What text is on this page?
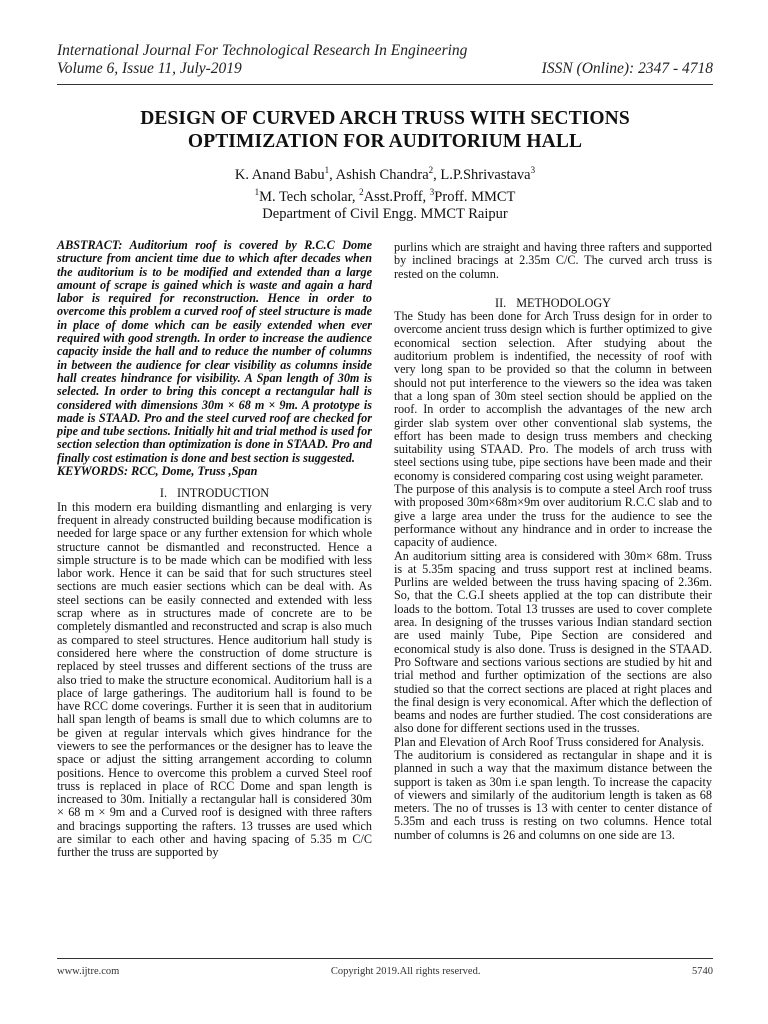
International Journal For Technological Research In Engineering
Volume 6, Issue 11, July-2019	ISSN (Online): 2347 - 4718
DESIGN OF CURVED ARCH TRUSS WITH SECTIONS
OPTIMIZATION FOR AUDITORIUM HALL
K. Anand Babu$^1$, Ashish Chandra$^2$, L.P.Shrivastava$^3$
$^1$M. Tech scholar, $^2$Asst.Proff, $^3$Proff. MMCT
Department of Civil Engg. MMCT Raipur

ABSTRACT: Auditorium roof is covered by R.C.C Dome structure from ancient time due to which after decades when the auditorium is to be modified and extended than a large amount of scrape is gained which is waste and again a hard labor is required for reconstruction. Hence in order to overcome this problem a curved roof of steel structure is made in place of dome which can be easily extended when ever required with good strength. In order to increase the audience capacity inside the hall and to reduce the number of columns in between the audience for clear visibility as columns inside hall creates hindrance for visibility. A Span length of 30m is selected. In order to bring this concept a rectangular hall is considered with dimensions 30m × 68 m × 9m. A prototype is made is STAAD. Pro and the steel curved roof are checked for pipe and tube sections. Initially hit and trial method is used for section selection than optimization is done in STAAD. Pro and finally cost estimation is done and best section is suggested.

KEYWORDS: RCC, Dome, Truss ,Span

I. INTRODUCTION

In this modern era building dismantling and enlarging is very frequent in already constructed building because modification is needed for large space or any further extension for which whole structure cannot be dismantled and reconstructed. Hence a simple structure is to be made which can be modified with less labor work. Hence it can be said that for such structures steel sections are much easier sections which can be deal with. As steel sections can be easily connected and extended with less scrap where as in structures made of concrete are to be completely dismantled and reconstructed and scrap is also much as compared to steel structures. Hence auditorium hall study is considered here where the construction of dome structure is replaced by steel trusses and different sections of the truss are also tried to make the structure economical. Auditorium hall is a place of large gatherings. The auditorium hall is found to be have RCC dome coverings. Further it is seen that in auditorium hall span length of beams is small due to which columns are to be given at regular intervals which gives hindrance for the viewers to see the performances or the designer has to leave the space or adjust the sitting arrangement according to column positions. Hence to overcome this problem a curved Steel roof truss is replaced in place of RCC Dome and span length is increased to 30m. Initially a rectangular hall is considered 30m × 68 m × 9m and a Curved roof is designed with three rafters and bracings supporting the rafters. 13 trusses are used which are similar to each other and having spacing of 5.35 m C/C further the truss are supported by

purlins which are straight and having three rafters and supported by inclined bracings at 2.35m C/C. The curved arch truss is rested on the column.

II. METHODOLOGY

The Study has been done for Arch Truss design for in order to overcome ancient truss design which is further optimized to give economical section selection. After studying about the auditorium problem is indentified, the necessity of roof with very long span to be provided so that the column in between should not put interference to the viewers so the idea was taken that a long span of 30m steel section should be applied on the roof. In order to accomplish the advantages of the new arch girder slab system over other conventional slab systems, the effort has been made to design truss members and checking suitability using STAAD. Pro. The models of arch truss with steel sections using tube, pipe sections have been made and their economy is considered comparing cost using weight parameter.

The purpose of this analysis is to compute a steel Arch roof truss with proposed 30m×68m×9m over auditorium R.C.C slab and to give a large area under the truss for the audience to see the performance without any hindrance and in order to increase the capacity of audience.

An auditorium sitting area is considered with 30m× 68m. Truss is at 5.35m spacing and truss support rest at inclined beams. Purlins are welded between the truss having spacing of 2.36m. So, that the C.G.I sheets applied at the top can distribute their loads to the bottom. Total 13 trusses are used to cover complete area. In designing of the trusses various Indian standard section are used mainly Tube, Pipe Section are considered and economical study is also done. Truss is designed in the STAAD. Pro Software and sections various sections are studied by hit and trial method and further optimization of the sections are also studied so that the correct sections are placed at right places and the final design is very economical. After which the deflection of beams and nodes are further studied. The cost considerations are also done for different sections used in the trusses.

Plan and Elevation of Arch Roof Truss considered for Analysis.

The auditorium is considered as rectangular in shape and it is planned in such a way that the maximum distance between the support is taken as 30m i.e span length. To increase the capacity of viewers and similarly of the auditorium length is taken as 68 meters. The no of trusses is 13 with center to center distance of 5.35m and each truss is resting on two columns. Hence total number of columns is 26 and columns on one side are 13.

www.ijtre.com	Copyright 2019.All rights reserved.	5740
